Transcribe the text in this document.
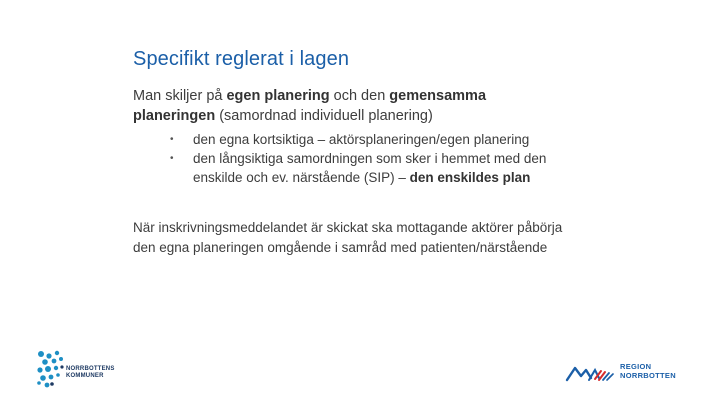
Specifikt reglerat i lagen
Man skiljer på egen planering och den gemensamma planeringen (samordnad individuell planering)
• den egna kortsiktiga – aktörsplaneringen/egen planering
• den långsiktiga samordningen som sker i hemmet med den enskilde och ev. närstående (SIP) – den enskildes plan
När inskrivningsmeddelandet är skickat ska mottagande aktörer påbörja den egna planeringen omgående i samråd med patienten/närstående
NORRBOTTENS
KOMMUNER
REGION
NORRBOTTEN
